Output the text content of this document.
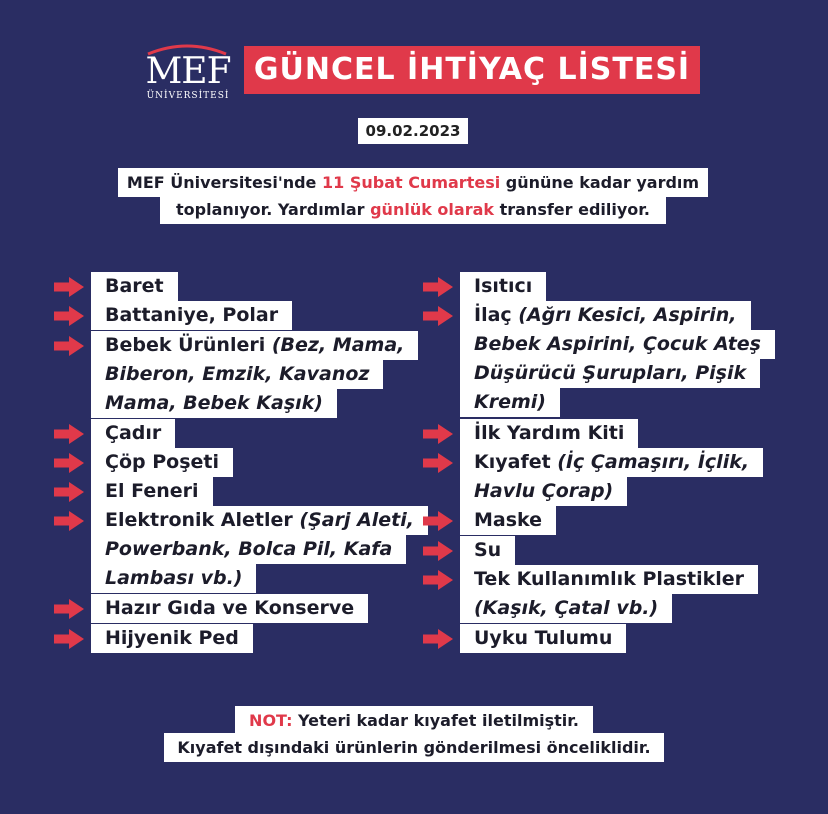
MEF
ÜNİVERSİTESİ
GÜNCEL İHTİYAÇ LİSTESİ
09.02.2023
MEF Üniversitesi'nde 11 Şubat Cumartesi gününe kadar yardım
toplanıyor. Yardımlar günlük olarak transfer ediliyor.
Baret
Battaniye, Polar
Bebek Ürünleri (Bez, Mama,
Biberon, Emzik, Kavanoz
Mama, Bebek Kaşık)
Çadır
Çöp Poşeti
El Feneri
Elektronik Aletler (Şarj Aleti,
Powerbank, Bolca Pil, Kafa
Lambası vb.)
Hazır Gıda ve Konserve
Hijyenik Ped
Isıtıcı
İlaç (Ağrı Kesici, Aspirin,
Bebek Aspirini, Çocuk Ateş
Düşürücü Şurupları, Pişik
Kremi)
İlk Yardım Kiti
Kıyafet (İç Çamaşırı, İçlik,
Havlu Çorap)
Maske
Su
Tek Kullanımlık Plastikler
(Kaşık, Çatal vb.)
Uyku Tulumu
NOT: Yeteri kadar kıyafet iletilmiştir.
Kıyafet dışındaki ürünlerin gönderilmesi önceliklidir.
